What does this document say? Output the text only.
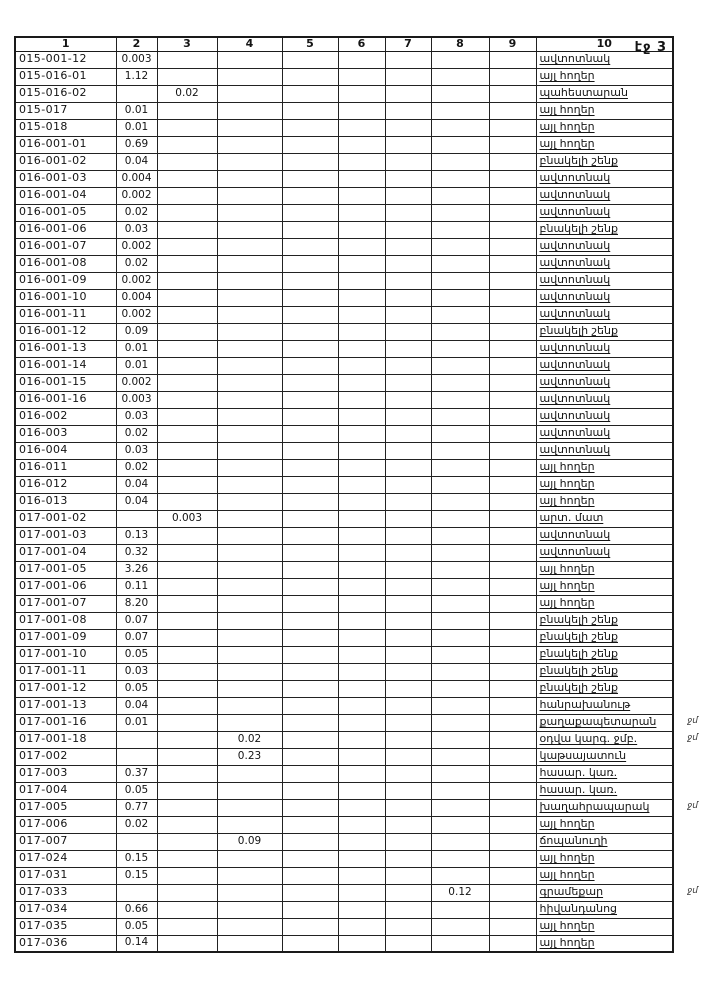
էջ 3
1	2	3	4	5	6	7	8	9	10
015-001-12	0.003								ավտոտնակ
015-016-01	1.12								այլ հողեր
015-016-02		0.02							պահեստարան
015-017	0.01								այլ հողեր
015-018	0.01								այլ հողեր
016-001-01	0.69								այլ հողեր
016-001-02	0.04								բնակելի շենք
016-001-03	0.004								ավտոտնակ
016-001-04	0.002								ավտոտնակ
016-001-05	0.02								ավտոտնակ
016-001-06	0.03								բնակելի շենք
016-001-07	0.002								ավտոտնակ
016-001-08	0.02								ավտոտնակ
016-001-09	0.002								ավտոտնակ
016-001-10	0.004								ավտոտնակ
016-001-11	0.002								ավտոտնակ
016-001-12	0.09								բնակելի շենք
016-001-13	0.01								ավտոտնակ
016-001-14	0.01								ավտոտնակ
016-001-15	0.002								ավտոտնակ
016-001-16	0.003								ավտոտնակ
016-002	0.03								ավտոտնակ
016-003	0.02								ավտոտնակ
016-004	0.03								ավտոտնակ
016-011	0.02								այլ հողեր
016-012	0.04								այլ հողեր
016-013	0.04								այլ հողեր
017-001-02		0.003							արտ. մատ
017-001-03	0.13								ավտոտնակ
017-001-04	0.32								ավտոտնակ
017-001-05	3.26								այլ հողեր
017-001-06	0.11								այլ հողեր
017-001-07	8.20								այլ հողեր
017-001-08	0.07								բնակելի շենք
017-001-09	0.07								բնակելի շենք
017-001-10	0.05								բնակելի շենք
017-001-11	0.03								բնակելի շենք
017-001-12	0.05								բնակելի շենք
017-001-13	0.04								հանրախանութ
017-001-16	0.01								քաղաքապետարան ջմ

017-001-18			0.02						օդվա կարգ. ջմբ. ջմ

017-002			0.23						կաթսայատուն
017-003	0.37								հասար. կառ.
017-004	0.05								հասար. կառ.
017-005	0.77								խաղահրապարակ ջմ

017-006	0.02								այլ հողեր
017-007			0.09						ճոպանուղի
017-024	0.15								այլ հողեր
017-031	0.15								այլ հողեր
017-033							0.12		գրամեքար ջմ

017-034	0.66								հիվանդանոց
017-035	0.05								այլ հողեր
017-036	0.14								այլ հողեր
